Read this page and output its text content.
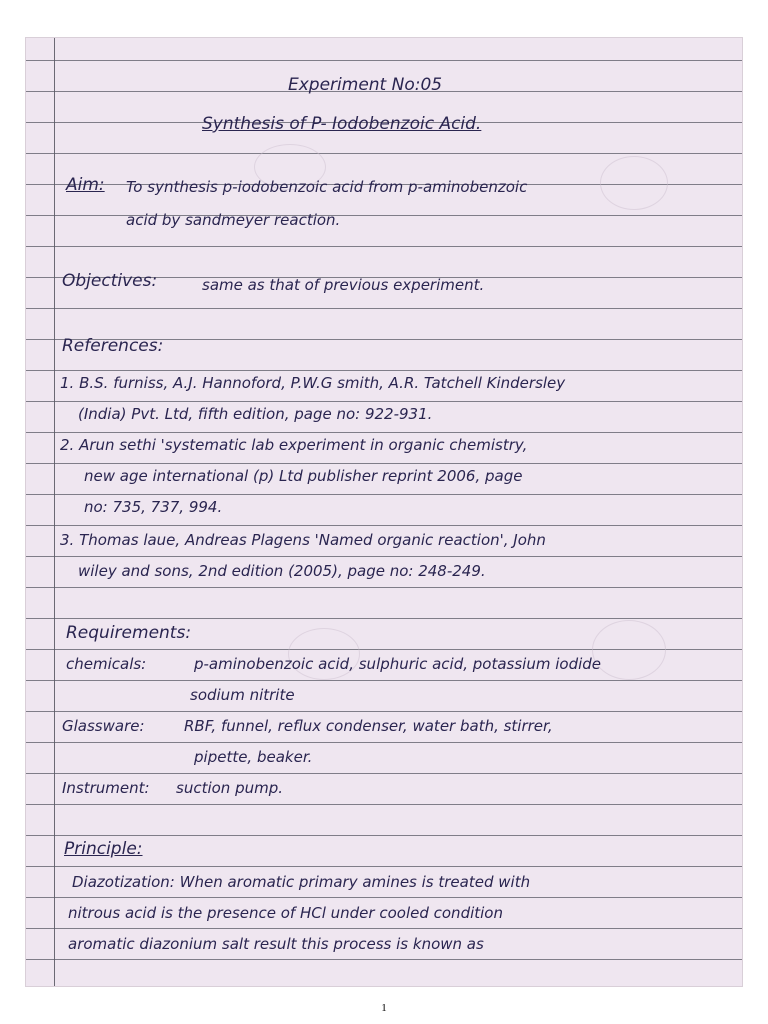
Experiment No:05
Synthesis of P- Iodobenzoic Acid.
Aim: To synthesis p-iodobenzoic acid from p-aminobenzoic
acid by sandmeyer reaction.
Objectives:	same as that of previous experiment.
References:
1. B.S. furniss, A.J. Hannoford, P.W.G smith, A.R. Tatchell Kindersley
(India) Pvt. Ltd, fifth edition, page no: 922-931.
2. Arun sethi 'systematic lab experiment in organic chemistry,
new age international (p) Ltd publisher reprint 2006, page
no: 735, 737, 994.
3. Thomas laue, Andreas Plagens 'Named organic reaction', John
wiley and sons, 2nd edition (2005), page no: 248-249.
Requirements:
chemicals:	p-aminobenzoic acid, sulphuric acid, potassium iodide
sodium nitrite
Glassware:	RBF, funnel, reflux condenser, water bath, stirrer,
pipette, beaker.
Instrument: suction pump.
Principle:
Diazotization: When aromatic primary amines is treated with
nitrous acid is the presence of HCl under cooled condition
aromatic diazonium salt result this process is known as
1
